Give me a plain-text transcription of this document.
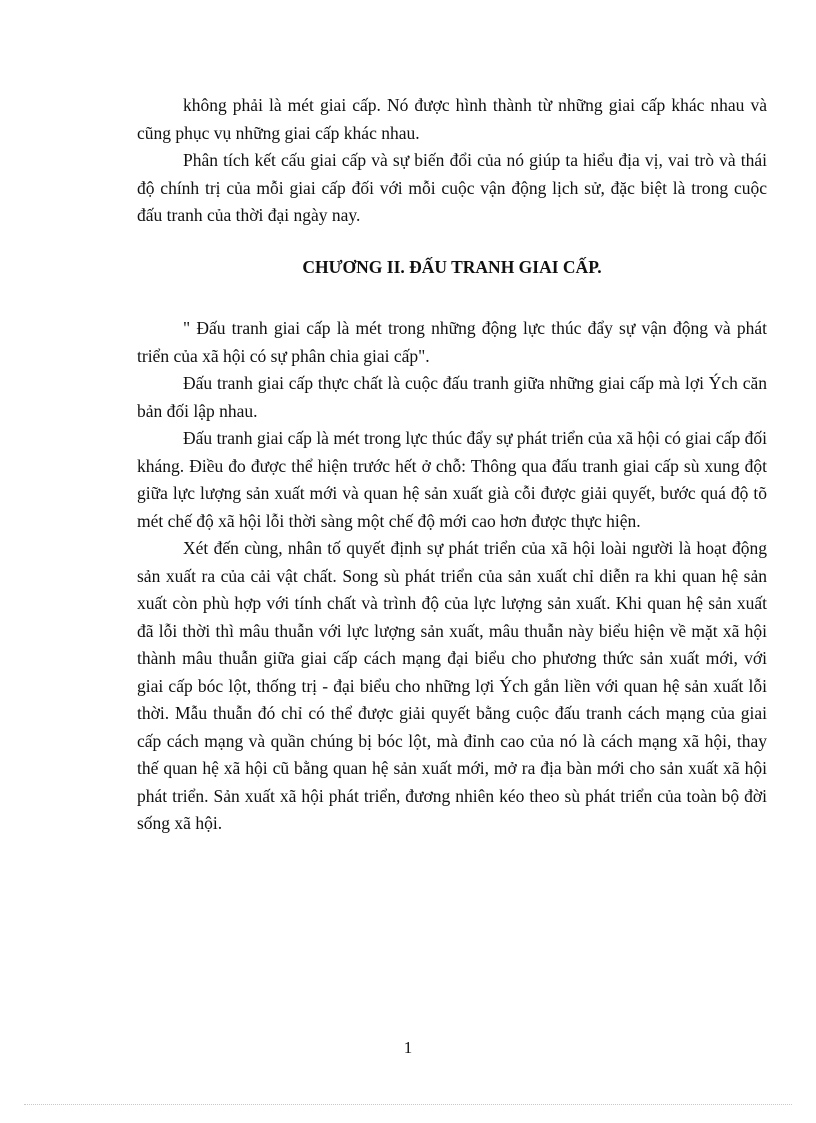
không phải là mét giai cấp. Nó được hình thành từ những giai cấp khác nhau và cũng phục vụ những giai cấp khác nhau.

Phân tích kết cấu giai cấp và sự biến đổi của nó giúp ta hiểu địa vị, vai trò và thái độ chính trị của mỗi giai cấp đối với mỗi cuộc vận động lịch sử, đặc biệt là trong cuộc đấu tranh của thời đại ngày nay.

CHƯƠNG II. ĐẤU TRANH GIAI CẤP.

" Đấu tranh giai cấp là mét trong những động lực thúc đẩy sự vận động và phát triển của xã hội có sự phân chia giai cấp".

Đấu tranh giai cấp thực chất là cuộc đấu tranh giữa những giai cấp mà lợi Ých căn bản đối lập nhau.

Đấu tranh giai cấp là mét trong lực thúc đẩy sự phát triển của xã hội có giai cấp đối kháng. Điều đo được thể hiện trước hết ở chỗ: Thông qua đấu tranh giai cấp sù xung đột giữa lực lượng sản xuất mới và quan hệ sản xuất già cỗi được giải quyết, bước quá độ tõ mét chế độ xã hội lỗi thời sàng một chế độ mới cao hơn được thực hiện.

Xét đến cùng, nhân tố quyết định sự phát triển của xã hội loài người là hoạt động sản xuất ra của cải vật chất. Song sù phát triển của sản xuất chỉ diễn ra khi quan hệ sản xuất còn phù hợp với tính chất và trình độ của lực lượng sản xuất. Khi quan hệ sản xuất đã lỗi thời thì mâu thuẫn với lực lượng sản xuất, mâu thuẫn này biểu hiện về mặt xã hội thành mâu thuẫn giữa giai cấp cách mạng đại biểu cho phương thức sản xuất mới, với giai cấp bóc lột, thống trị - đại biểu cho những lợi Ých gắn liền với quan hệ sản xuất lỗi thời. Mẫu thuẫn đó chỉ có thể được giải quyết bằng cuộc đấu tranh cách mạng của giai cấp cách mạng và quần chúng bị bóc lột, mà đỉnh cao của nó là cách mạng xã hội, thay thế quan hệ xã hội cũ bằng quan hệ sản xuất mới, mở ra địa bàn mới cho sản xuất xã hội phát triển. Sản xuất xã hội phát triển, đương nhiên kéo theo sù phát triển của toàn bộ đời sống xã hội.

1
